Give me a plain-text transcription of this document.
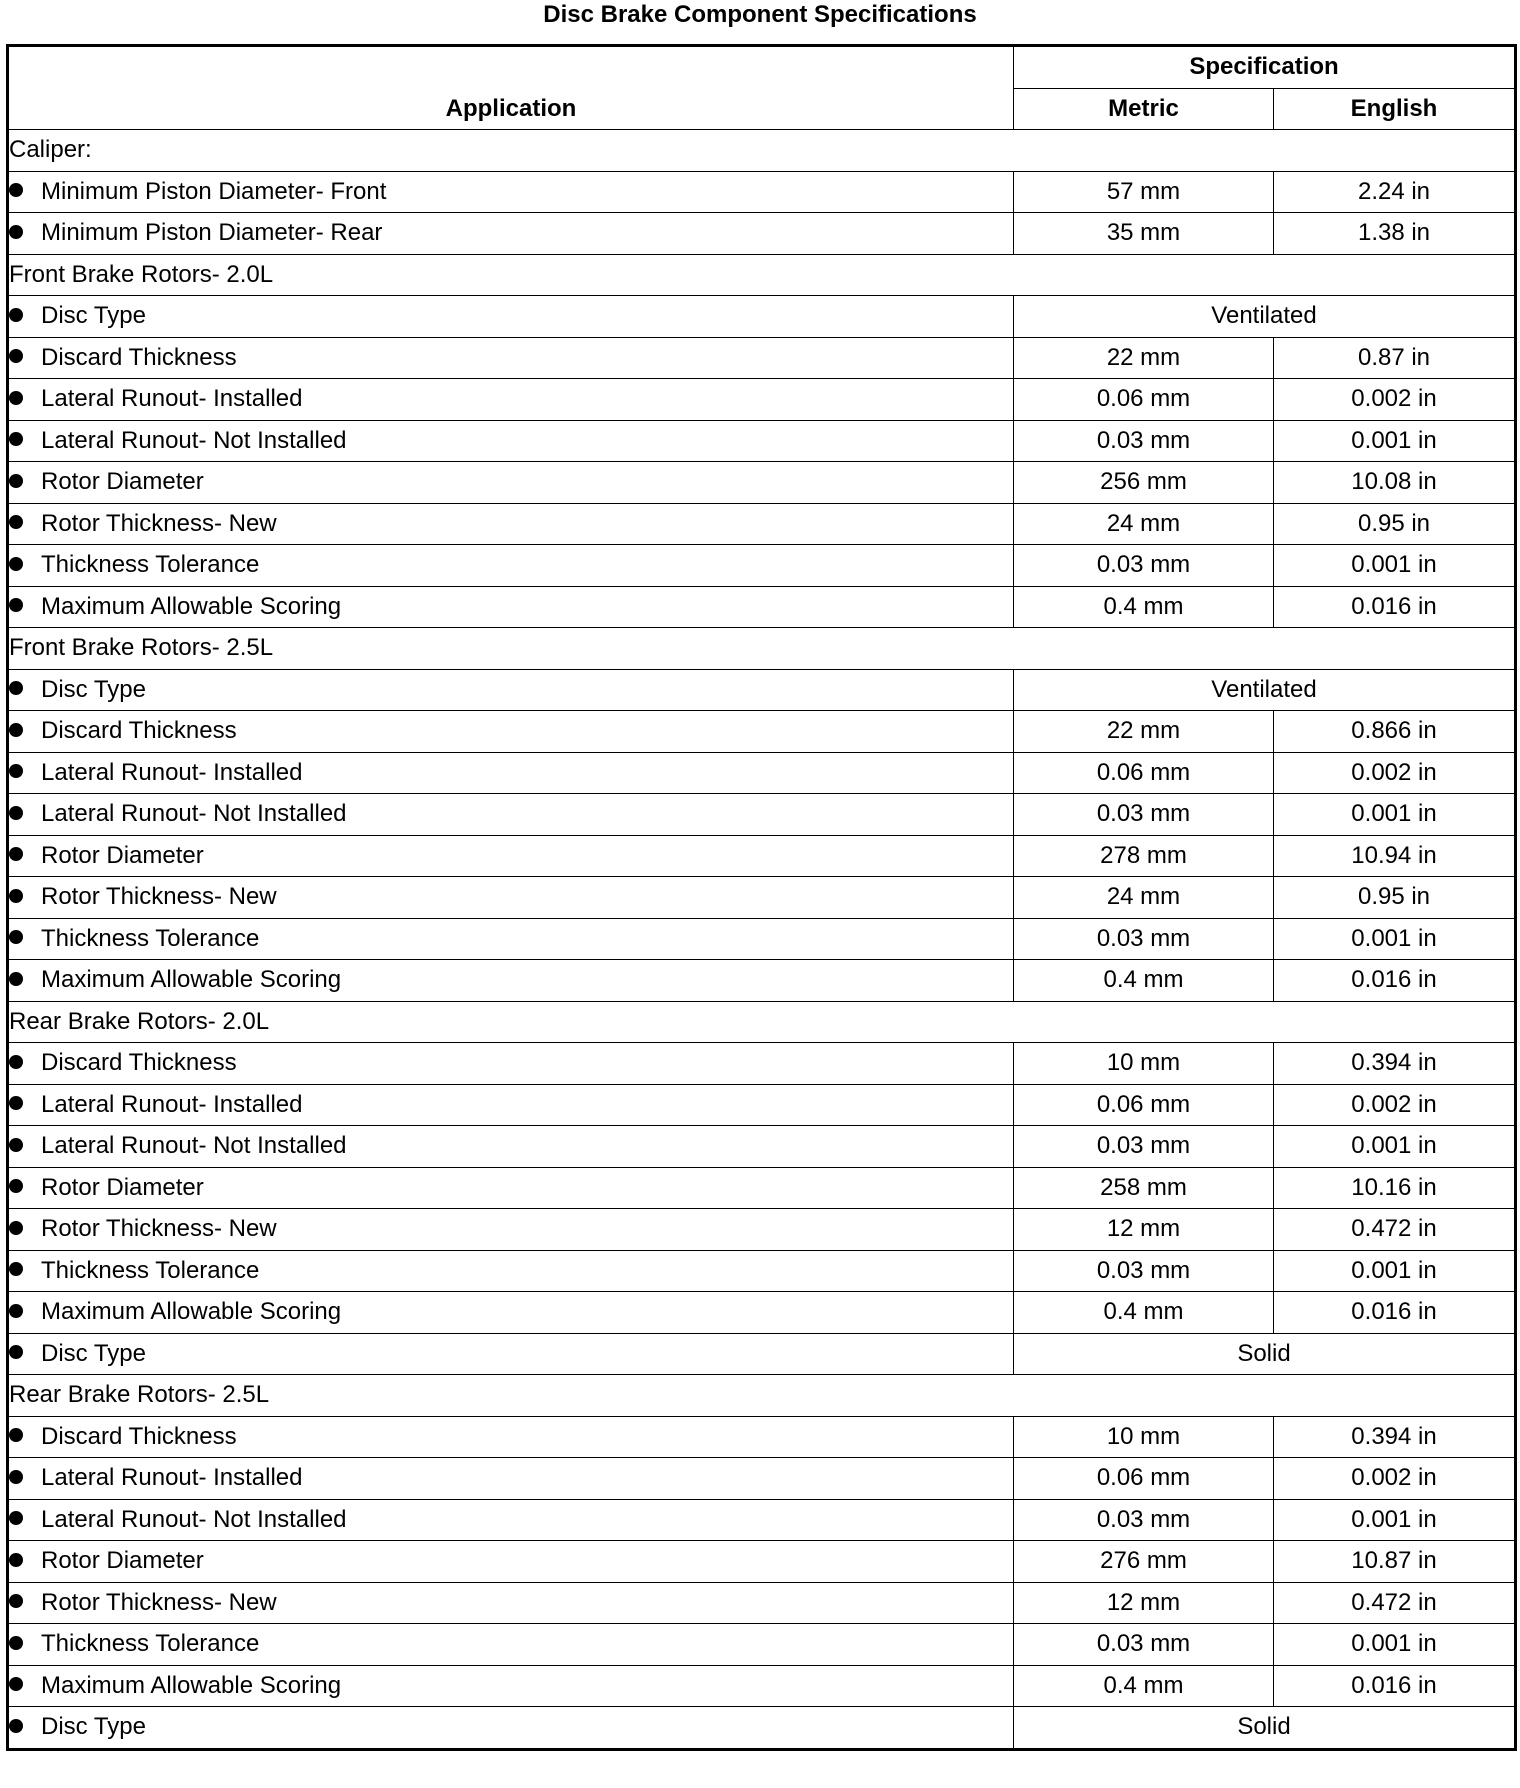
Disc Brake Component Specifications
Application	Specification	
	Metric	English
Caliper:		
Minimum Piston Diameter- Front	57 mm	2.24 in
Minimum Piston Diameter- Rear	35 mm	1.38 in
Front Brake Rotors- 2.0L		
Disc Type	Ventilated	
Discard Thickness	22 mm	0.87 in
Lateral Runout- Installed	0.06 mm	0.002 in
Lateral Runout- Not Installed	0.03 mm	0.001 in
Rotor Diameter	256 mm	10.08 in
Rotor Thickness- New	24 mm	0.95 in
Thickness Tolerance	0.03 mm	0.001 in
Maximum Allowable Scoring	0.4 mm	0.016 in
Front Brake Rotors- 2.5L		
Disc Type	Ventilated	
Discard Thickness	22 mm	0.866 in
Lateral Runout- Installed	0.06 mm	0.002 in
Lateral Runout- Not Installed	0.03 mm	0.001 in
Rotor Diameter	278 mm	10.94 in
Rotor Thickness- New	24 mm	0.95 in
Thickness Tolerance	0.03 mm	0.001 in
Maximum Allowable Scoring	0.4 mm	0.016 in
Rear Brake Rotors- 2.0L		
Discard Thickness	10 mm	0.394 in
Lateral Runout- Installed	0.06 mm	0.002 in
Lateral Runout- Not Installed	0.03 mm	0.001 in
Rotor Diameter	258 mm	10.16 in
Rotor Thickness- New	12 mm	0.472 in
Thickness Tolerance	0.03 mm	0.001 in
Maximum Allowable Scoring	0.4 mm	0.016 in
Disc Type	Solid	
Rear Brake Rotors- 2.5L		
Discard Thickness	10 mm	0.394 in
Lateral Runout- Installed	0.06 mm	0.002 in
Lateral Runout- Not Installed	0.03 mm	0.001 in
Rotor Diameter	276 mm	10.87 in
Rotor Thickness- New	12 mm	0.472 in
Thickness Tolerance	0.03 mm	0.001 in
Maximum Allowable Scoring	0.4 mm	0.016 in
Disc Type	Solid	
